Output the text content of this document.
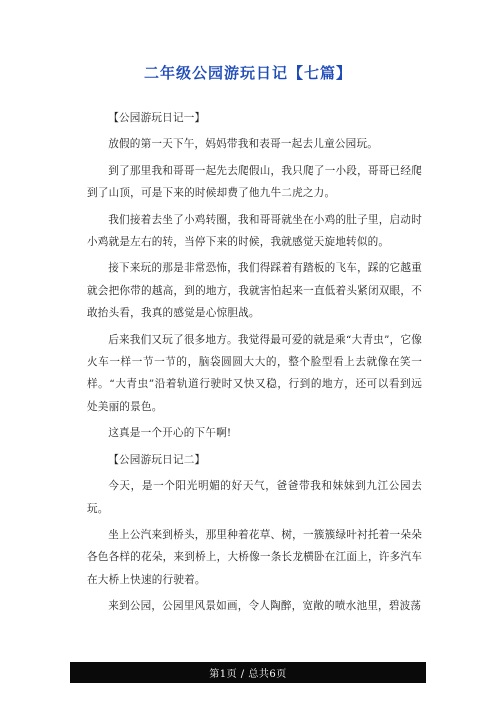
二年级公园游玩日记【七篇】

【公园游玩日记一】

放假的第一天下午，妈妈带我和表哥一起去儿童公园玩。

到了那里我和哥哥一起先去爬假山，我只爬了一小段，哥哥已经爬到了山顶，可是下来的时候却费了他九牛二虎之力。

我们接着去坐了小鸡转圈，我和哥哥就坐在小鸡的肚子里，启动时小鸡就是左右的转，当停下来的时候，我就感觉天旋地转似的。

接下来玩的那是非常恐怖，我们得踩着有踏板的飞车，踩的它越重就会把你带的越高，到的地方，我就害怕起来一直低着头紧闭双眼，不敢抬头看，我真的感觉是心惊胆战。

后来我们又玩了很多地方。我觉得最可爱的就是乘“大青虫”，它像火车一样一节一节的，脑袋圆圆大大的，整个脸型看上去就像在笑一样。“大青虫”沿着轨道行驶时又快又稳，行到的地方，还可以看到远处美丽的景色。

这真是一个开心的下午啊!

【公园游玩日记二】

今天，是一个阳光明媚的好天气，爸爸带我和妹妹到九江公园去玩。

坐上公汽来到桥头，那里种着花草、树，一簇簇绿叶衬托着一朵朵各色各样的花朵，来到桥上，大桥像一条长龙横卧在江面上，许多汽车在大桥上快速的行驶着。

来到公园，公园里风景如画，令人陶醉，宽敞的喷水池里，碧波荡

第1页 / 总共6页
